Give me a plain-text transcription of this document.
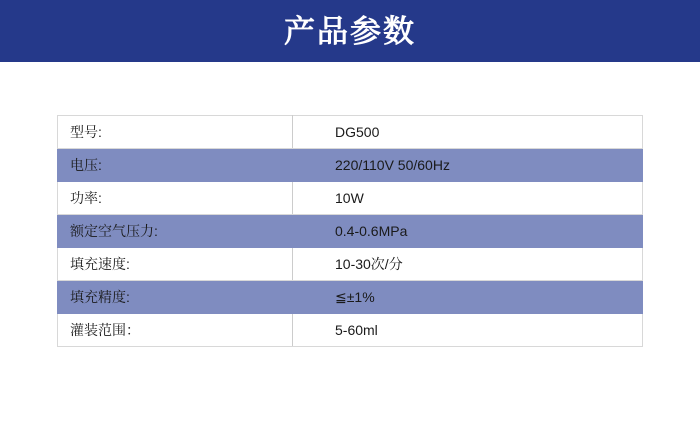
产品参数
型号:	DG500
电压:	220/110V 50/60Hz
功率:	10W
额定空气压力:	0.4-0.6MPa
填充速度:	10-30次/分
填充精度:	≦±1%
灌装范围：	5-60ml
